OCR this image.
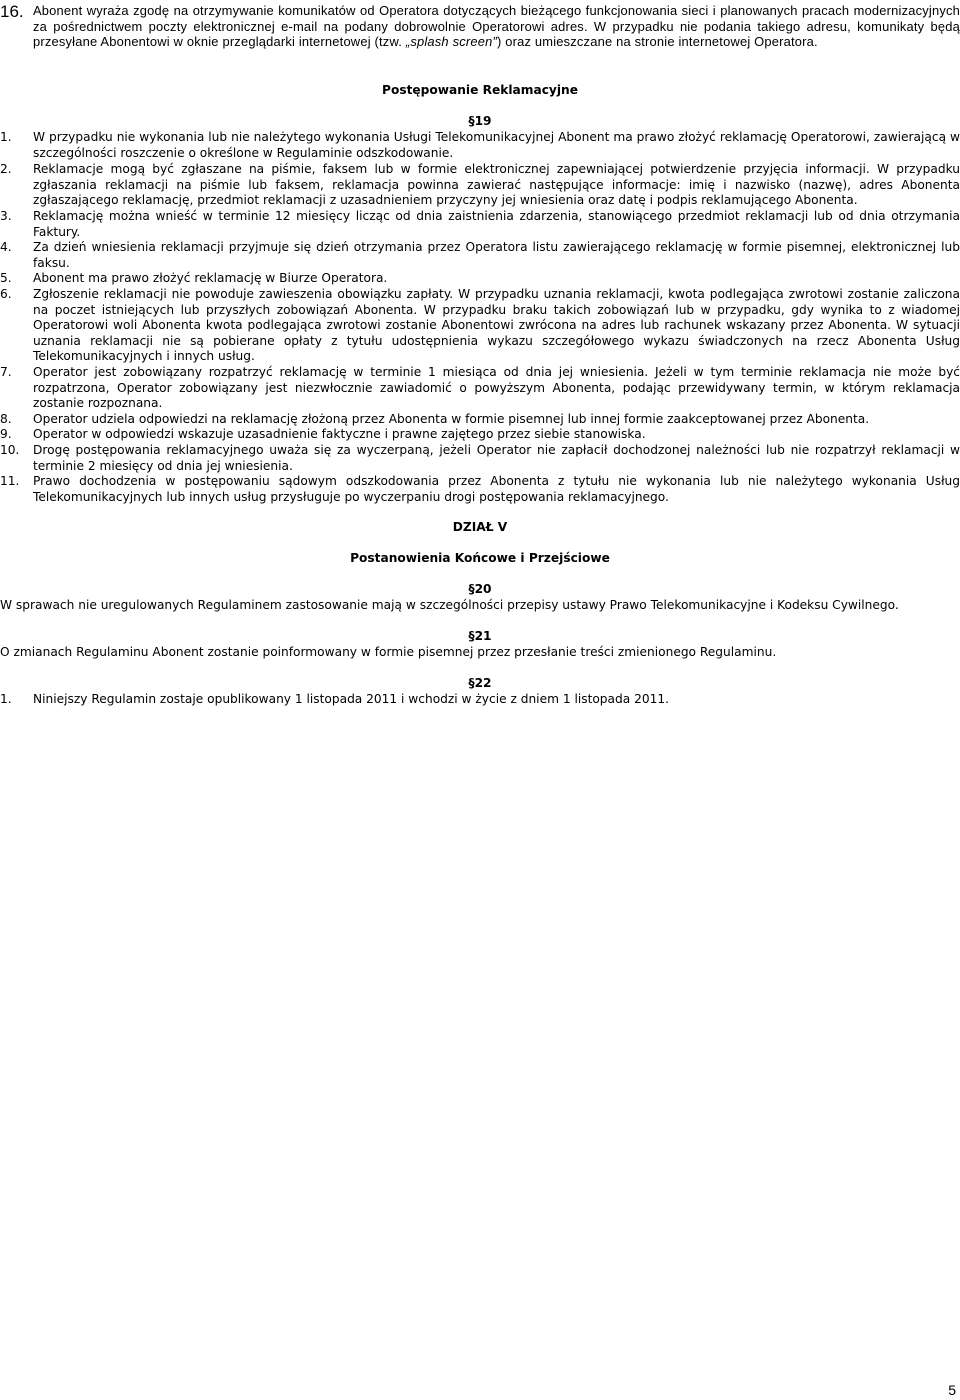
16. Abonent wyraża zgodę na otrzymywanie komunikatów od Operatora dotyczących bieżącego funkcjonowania sieci i planowanych pracach modernizacyjnych za pośrednictwem poczty elektronicznej e-mail na podany dobrowolnie Operatorowi adres. W przypadku nie podania takiego adresu, komunikaty będą przesyłane Abonentowi w oknie przeglądarki internetowej (tzw. „splash screen”) oraz umieszczane na stronie internetowej Operatora.
Postępowanie Reklamacyjne
§19
1.	W przypadku nie wykonania lub nie należytego wykonania Usługi Telekomunikacyjnej Abonent ma prawo złożyć reklamację Operatorowi, zawierającą w szczególności roszczenie o określone w Regulaminie odszkodowanie.
2.	Reklamacje mogą być zgłaszane na piśmie, faksem lub w formie elektronicznej zapewniającej potwierdzenie przyjęcia informacji. W przypadku zgłaszania reklamacji na piśmie lub faksem, reklamacja powinna zawierać następujące informacje: imię i nazwisko (nazwę), adres Abonenta zgłaszającego reklamację, przedmiot reklamacji z uzasadnieniem przyczyny jej wniesienia oraz datę i podpis reklamującego Abonenta.
3.	Reklamację można wnieść w terminie 12 miesięcy licząc od dnia zaistnienia zdarzenia, stanowiącego przedmiot reklamacji lub od dnia otrzymania Faktury.
4.	Za dzień wniesienia reklamacji przyjmuje się dzień otrzymania przez Operatora listu zawierającego reklamację w formie pisemnej, elektronicznej lub faksu.
5.	Abonent ma prawo złożyć reklamację w Biurze Operatora.
6.	Zgłoszenie reklamacji nie powoduje zawieszenia obowiązku zapłaty. W przypadku uznania reklamacji, kwota podlegająca zwrotowi zostanie zaliczona na poczet istniejących lub przyszłych zobowiązań Abonenta. W przypadku braku takich zobowiązań lub w przypadku, gdy wynika to z wiadomej Operatorowi woli Abonenta kwota podlegająca zwrotowi zostanie Abonentowi zwrócona na adres lub rachunek wskazany przez Abonenta. W sytuacji uznania reklamacji nie są pobierane opłaty z tytułu udostępnienia wykazu szczegółowego wykazu świadczonych na rzecz Abonenta Usług Telekomunikacyjnych i innych usług.
7.	Operator jest zobowiązany rozpatrzyć reklamację w terminie 1 miesiąca od dnia jej wniesienia. Jeżeli w tym terminie reklamacja nie może być rozpatrzona, Operator zobowiązany jest niezwłocznie zawiadomić o powyższym Abonenta, podając przewidywany termin, w którym reklamacja zostanie rozpoznana.
8.	Operator udziela odpowiedzi na reklamację złożoną przez Abonenta w formie pisemnej lub innej formie zaakceptowanej przez Abonenta.
9.	Operator w odpowiedzi wskazuje uzasadnienie faktyczne i prawne zajętego przez siebie stanowiska.
10.	Drogę postępowania reklamacyjnego uważa się za wyczerpaną, jeżeli Operator nie zapłacił dochodzonej należności lub nie rozpatrzył reklamacji w terminie 2 miesięcy od dnia jej wniesienia.
11.	Prawo dochodzenia w postępowaniu sądowym odszkodowania przez Abonenta z tytułu nie wykonania lub nie należytego wykonania Usług Telekomunikacyjnych lub innych usług przysługuje po wyczerpaniu drogi postępowania reklamacyjnego.
DZIAŁ V
Postanowienia Końcowe i Przejściowe
§20
W sprawach nie uregulowanych Regulaminem zastosowanie mają w szczególności przepisy ustawy Prawo Telekomunikacyjne i Kodeksu Cywilnego.
§21
O zmianach Regulaminu Abonent zostanie poinformowany w formie pisemnej przez przesłanie treści zmienionego Regulaminu.
§22
1.	Niniejszy Regulamin zostaje opublikowany 1 listopada 2011 i wchodzi w życie z dniem 1 listopada 2011.
5
